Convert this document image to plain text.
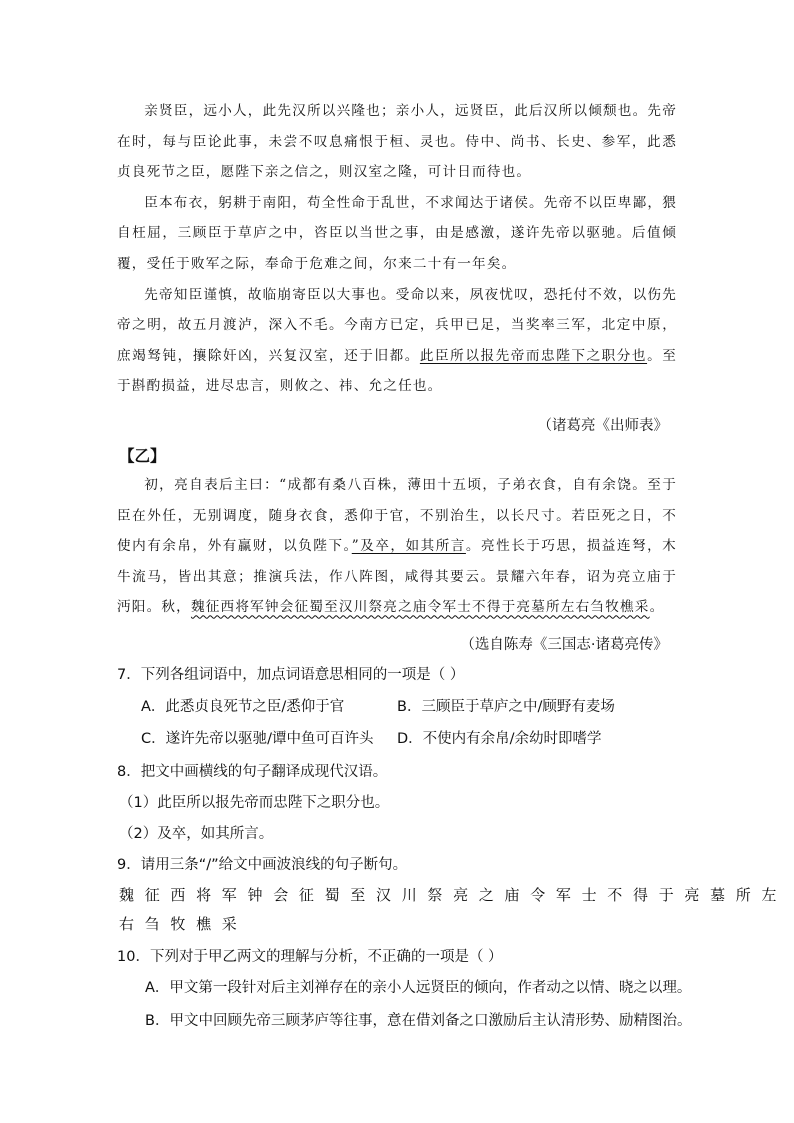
亲贤臣，远小人，此先汉所以兴隆也；亲小人，远贤臣，此后汉所以倾颓也。先帝在时，每与臣论此事，未尝不叹息痛恨于桓、灵也。侍中、尚书、长史、参军，此悉贞良死节之臣，愿陛下亲之信之，则汉室之隆，可计日而待也。

臣本布衣，躬耕于南阳，苟全性命于乱世，不求闻达于诸侯。先帝不以臣卑鄙，猥自枉屈，三顾臣于草庐之中，咨臣以当世之事，由是感激，遂许先帝以驱驰。后值倾覆，受任于败军之际，奉命于危难之间，尔来二十有一年矣。

先帝知臣谨慎，故临崩寄臣以大事也。受命以来，夙夜忧叹，恐托付不效，以伤先帝之明，故五月渡泸，深入不毛。今南方已定，兵甲已足，当奖率三军，北定中原，庶竭驽钝，攘除奸凶，兴复汉室，还于旧都。此臣所以报先帝而忠陛下之职分也。至于斟酌损益，进尽忠言，则攸之、祎、允之任也。

（诸葛亮《出师表》
【乙】

初，亮自表后主曰：“成都有桑八百株，薄田十五顷，子弟衣食，自有余饶。至于臣在外任，无别调度，随身衣食，悉仰于官，不别治生，以长尺寸。若臣死之日，不使内有余帛，外有赢财，以负陛下。”及卒，如其所言。亮性长于巧思，损益连弩，木牛流马，皆出其意；推演兵法，作八阵图，咸得其要云。景耀六年春，诏为亮立庙于沔阳。秋，魏征西将军钟会征蜀至汉川祭亮之庙令军士不得于亮墓所左右刍牧樵采。

（选自陈寿《三国志·诸葛亮传》
7．下列各组词语中，加点词语意思相同的一项是（ ）
A．此悉贞良死节之臣/悉仰于官	B．三顾臣于草庐之中/顾野有麦场
C．遂许先帝以驱驰/谭中鱼可百许头 D．不使内有余帛/余幼时即嗜学
8．把文中画横线的句子翻译成现代汉语。
（1）此臣所以报先帝而忠陛下之职分也。
（2）及卒，如其所言。
9．请用三条“/”给文中画波浪线的句子断句。
魏征西将军钟会征蜀至汉川祭亮之庙令军士不得于亮墓所左
右刍牧樵采
10．下列对于甲乙两文的理解与分析，不正确的一项是（ ）
A．甲文第一段针对后主刘禅存在的亲小人远贤臣的倾向，作者动之以情、晓之以理。
B．甲文中回顾先帝三顾茅庐等往事，意在借刘备之口激励后主认清形势、励精图治。
